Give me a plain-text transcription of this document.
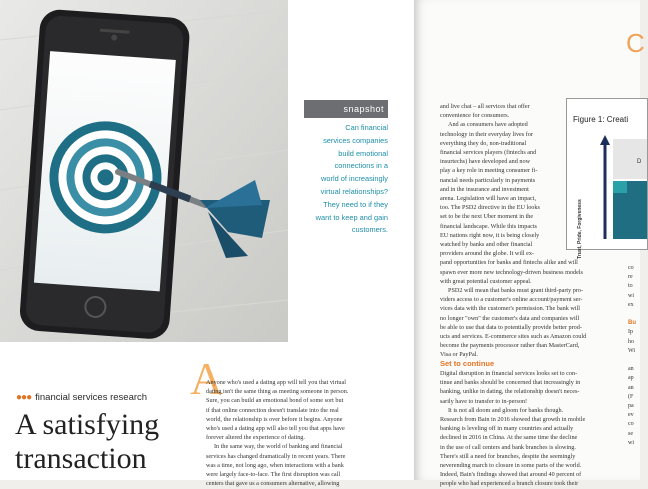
snapshot
Can financial
services companies
build emotional
connections in a
world of increasingly
virtual relationships?
They need to if they
want to keep and gain
customers.
●●● financial services research
A satisfying
transaction
A

Anyone who's used a dating app will tell you that virtual

dating isn't the same thing as meeting someone in person.

Sure, you can build an emotional bond of some sort but

if that online connection doesn't translate into the real

world, the relationship is over before it begins. Anyone

who's used a dating app will also tell you that apps have

forever altered the experience of dating.

In the same way, the world of banking and financial

services has changed dramatically in recent years. There

was a time, not long ago, when interactions with a bank

were largely face-to-face. The first disruption was call

centers that gave us a consumers alternative, allowing

and live chat – all services that offer

convenience for consumers.

And as consumers have adopted

technology in their everyday lives for

everything they do, non-traditional

financial services players (fintechs and

insurtechs) have developed and now

play a key role in meeting consumer fi-

nancial needs particularly in payments

and in the insurance and investment

arena. Legislation will have an impact,

too. The PSD2 directive in the EU looks

set to be the next Uber moment in the

financial landscape. While this impacts

EU nations right now, it is being closely

watched by banks and other financial

providers around the globe. It will ex-

pand opportunities for banks and fintechs alike and will

spawn ever more new technology-driven business models

with great potential customer appeal.

PSD2 will mean that banks must grant third-party pro-

viders access to a customer's online account/payment ser-

vices data with the customer's permission. The bank will

no longer "own" the customer's data and companies will

be able to use that data to potentially provide better prod-

ucts and services. E-commerce sites such as Amazon could

become the payments processor rather than MasterCard,

Visa or PayPal.

Set to continue

Digital disruption in financial services looks set to con-

tinue and banks should be concerned that increasingly in

banking, unlike in dating, the relationship doesn't neces-

sarily have to transfer to in-person!

It is not all doom and gloom for banks though.

Research from Bain in 2016 showed that growth in mobile

banking is leveling off in many countries and actually

declined in 2016 in China. At the same time the decline

in the use of call centers and bank branches is slowing.

There's still a need for branches, despite the seemingly

neverending march to closure in some parts of the world.

Indeed, Bain's findings showed that around 40 percent of

people who had experienced a branch closure took their

Figure 1: Creati
D
Trust, Pride, Forgiveness
C
co
re
to
wi
ex

Bu
Ip
ho
Wi

an
ap
an
(F
pa
ev
co
se
wi
